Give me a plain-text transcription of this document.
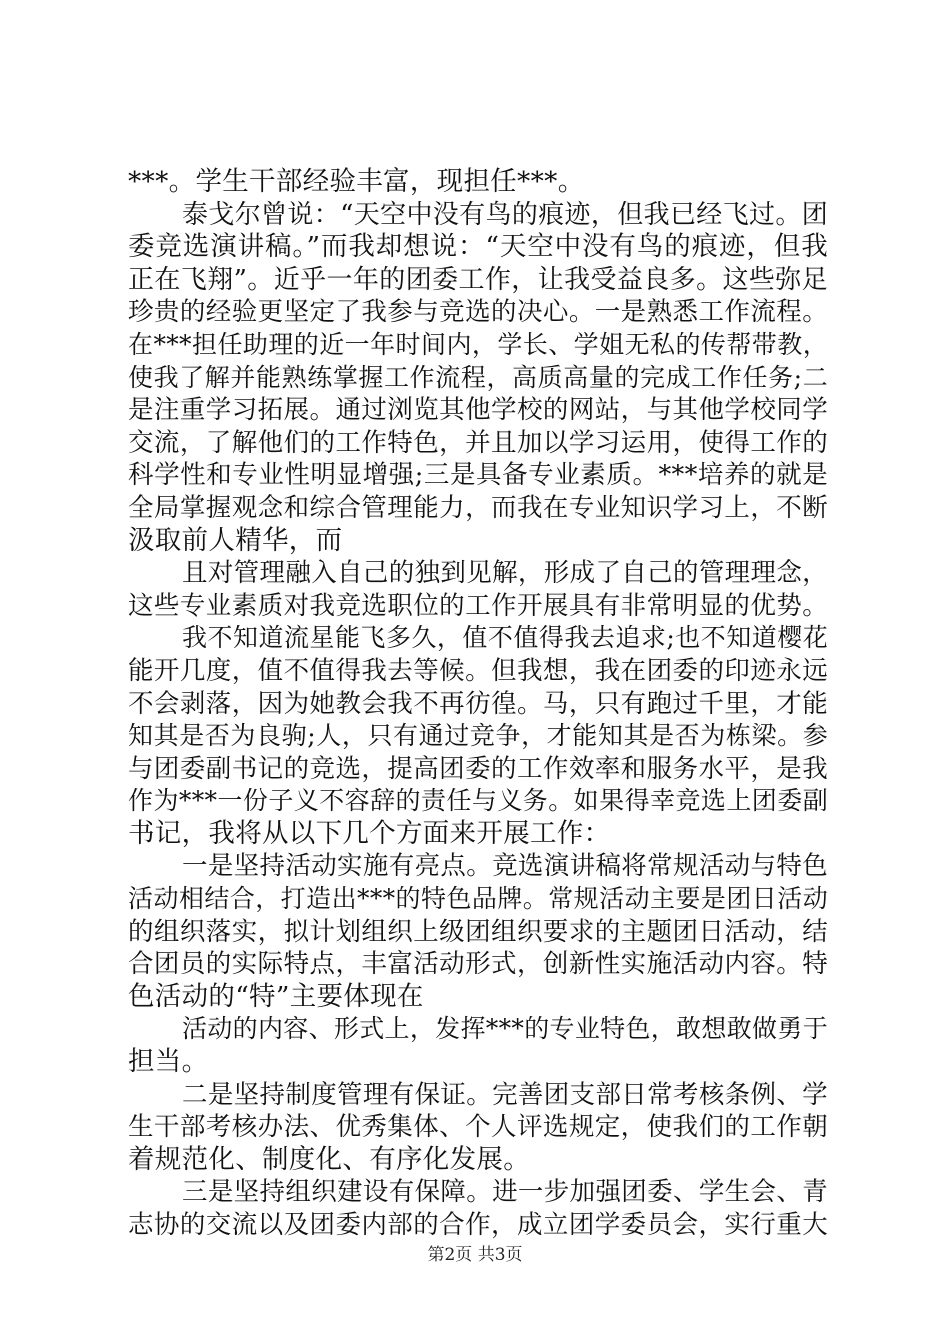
***。学生干部经验丰富，现担任***。
泰戈尔曾说：“天空中没有鸟的痕迹，但我已经飞过。团
委竞选演讲稿。”而我却想说：“天空中没有鸟的痕迹，但我
正在飞翔”。近乎一年的团委工作，让我受益良多。这些弥足
珍贵的经验更坚定了我参与竞选的决心。一是熟悉工作流程。
在***担任助理的近一年时间内，学长、学姐无私的传帮带教，
使我了解并能熟练掌握工作流程，高质高量的完成工作任务;二
是注重学习拓展。通过浏览其他学校的网站，与其他学校同学
交流，了解他们的工作特色，并且加以学习运用，使得工作的
科学性和专业性明显增强;三是具备专业素质。***培养的就是
全局掌握观念和综合管理能力，而我在专业知识学习上，不断
汲取前人精华，而
且对管理融入自己的独到见解，形成了自己的管理理念，
这些专业素质对我竞选职位的工作开展具有非常明显的优势。
我不知道流星能飞多久，值不值得我去追求;也不知道樱花
能开几度，值不值得我去等候。但我想，我在团委的印迹永远
不会剥落，因为她教会我不再彷徨。马，只有跑过千里，才能
知其是否为良驹;人，只有通过竞争，才能知其是否为栋梁。参
与团委副书记的竞选，提高团委的工作效率和服务水平，是我
作为***一份子义不容辞的责任与义务。如果得幸竞选上团委副
书记，我将从以下几个方面来开展工作：
一是坚持活动实施有亮点。竞选演讲稿将常规活动与特色
活动相结合，打造出***的特色品牌。常规活动主要是团日活动
的组织落实，拟计划组织上级团组织要求的主题团日活动，结
合团员的实际特点，丰富活动形式，创新性实施活动内容。特
色活动的“特”主要体现在
活动的内容、形式上，发挥***的专业特色，敢想敢做勇于
担当。
二是坚持制度管理有保证。完善团支部日常考核条例、学
生干部考核办法、优秀集体、个人评选规定，使我们的工作朝
着规范化、制度化、有序化发展。
三是坚持组织建设有保障。进一步加强团委、学生会、青
志协的交流以及团委内部的合作，成立团学委员会，实行重大
第2页 共3页
